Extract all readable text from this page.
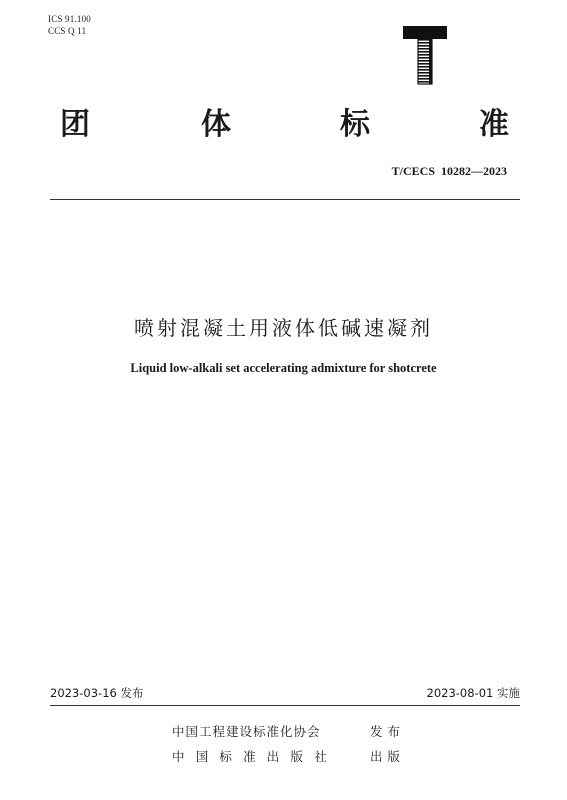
ICS 91.100
CCS Q 11
团	体	标	准
T/CECS  10282—2023
喷射混凝土用液体低碱速凝剂
Liquid low-alkali set accelerating admixture for shotcrete
2023-03-16 发布	2023-08-01 实施
中国工程建设标准化协会	发布
中国标准出版社	出版
